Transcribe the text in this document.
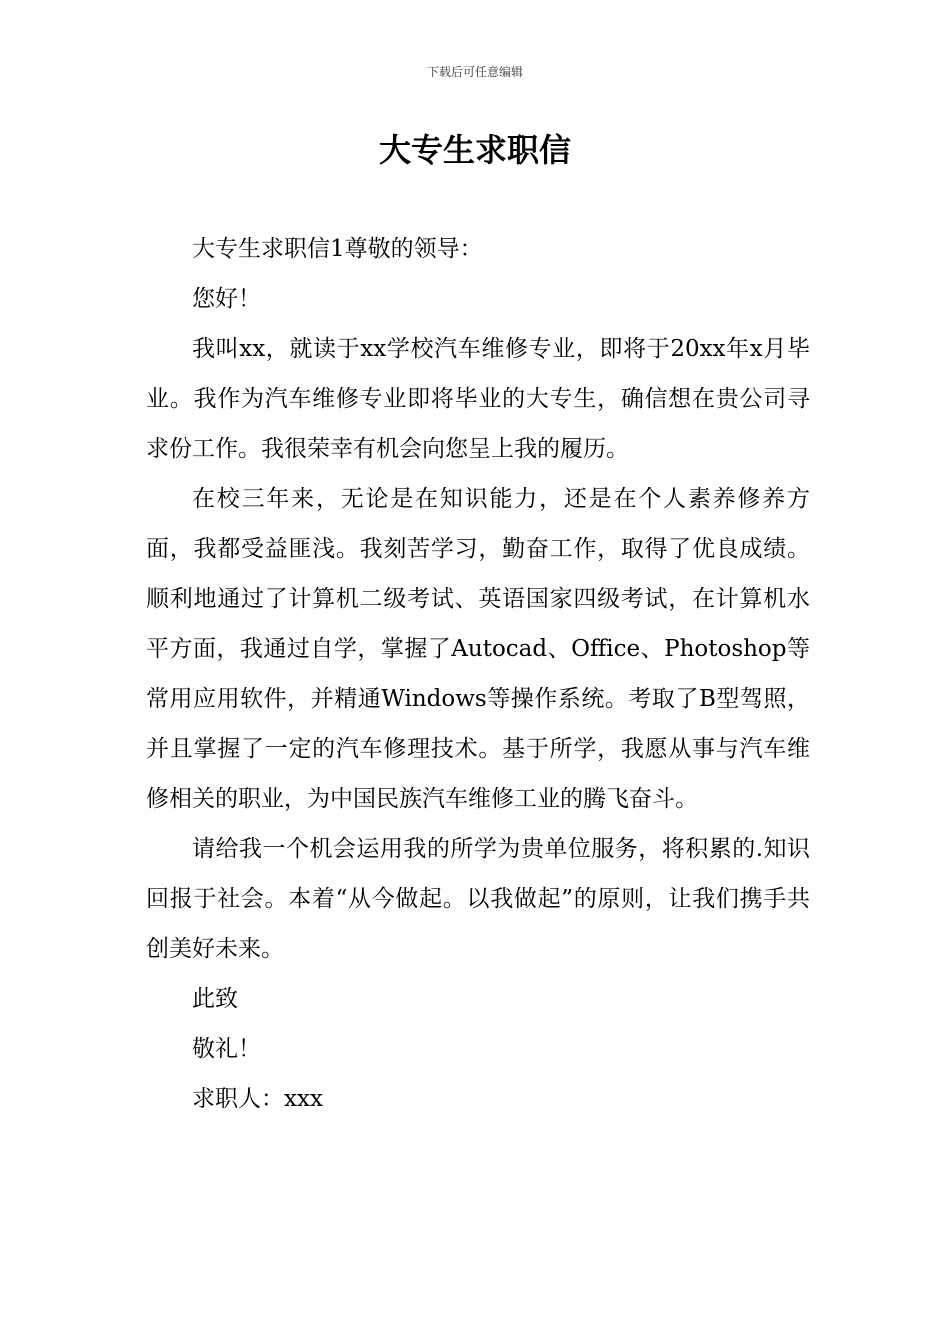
下载后可任意编辑
大专生求职信

大专生求职信1尊敬的领导：

您好！

我叫xx，就读于xx学校汽车维修专业，即将于20xx年x月毕业。我作为汽车维修专业即将毕业的大专生，确信想在贵公司寻求份工作。我很荣幸有机会向您呈上我的履历。

在校三年来，无论是在知识能力，还是在个人素养修养方面，我都受益匪浅。我刻苦学习，勤奋工作，取得了优良成绩。顺利地通过了计算机二级考试、英语国家四级考试，在计算机水平方面，我通过自学，掌握了Autocad、Office、Photoshop等常用应用软件，并精通Windows等操作系统。考取了B型驾照，并且掌握了一定的汽车修理技术。基于所学，我愿从事与汽车维修相关的职业，为中国民族汽车维修工业的腾飞奋斗。

请给我一个机会运用我的所学为贵单位服务，将积累的.知识回报于社会。本着“从今做起。以我做起”的原则，让我们携手共创美好未来。

此致

敬礼！

求职人：xxx
